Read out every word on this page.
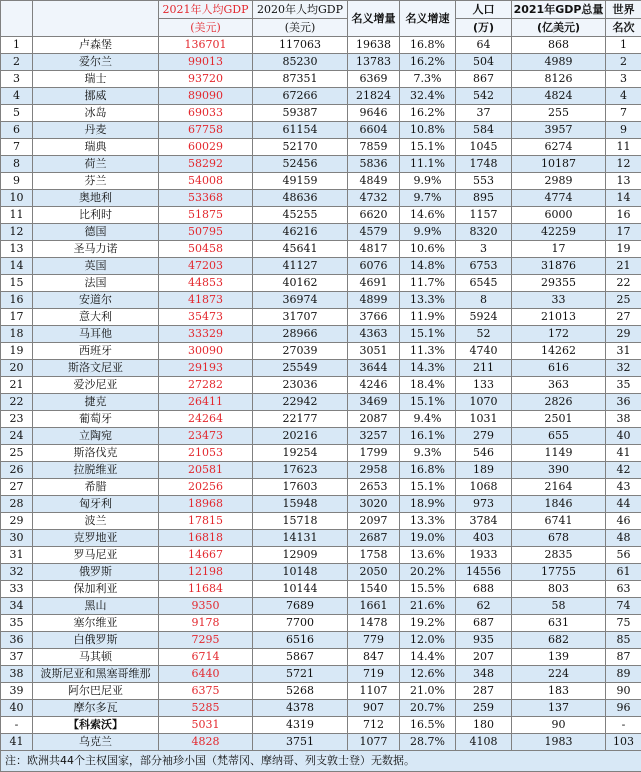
		2021年人均GDP	2020年人均GDP	名义增量	名义增速	人口	2021年GDP总量	世界
		(美元)	(美元)			(万)	(亿美元)	名次
1	卢森堡	136701	117063	19638	16.8%	64	868	1
2	爱尔兰	99013	85230	13783	16.2%	504	4989	2
3	瑞士	93720	87351	6369	7.3%	867	8126	3
4	挪威	89090	67266	21824	32.4%	542	4824	4
5	冰岛	69033	59387	9646	16.2%	37	255	7
6	丹麦	67758	61154	6604	10.8%	584	3957	9
7	瑞典	60029	52170	7859	15.1%	1045	6274	11
8	荷兰	58292	52456	5836	11.1%	1748	10187	12
9	芬兰	54008	49159	4849	9.9%	553	2989	13
10	奥地利	53368	48636	4732	9.7%	895	4774	14
11	比利时	51875	45255	6620	14.6%	1157	6000	16
12	德国	50795	46216	4579	9.9%	8320	42259	17
13	圣马力诺	50458	45641	4817	10.6%	3	17	19
14	英国	47203	41127	6076	14.8%	6753	31876	21
15	法国	44853	40162	4691	11.7%	6545	29355	22
16	安道尔	41873	36974	4899	13.3%	8	33	25
17	意大利	35473	31707	3766	11.9%	5924	21013	27
18	马耳他	33329	28966	4363	15.1%	52	172	29
19	西班牙	30090	27039	3051	11.3%	4740	14262	31
20	斯洛文尼亚	29193	25549	3644	14.3%	211	616	32
21	爱沙尼亚	27282	23036	4246	18.4%	133	363	35
22	捷克	26411	22942	3469	15.1%	1070	2826	36
23	葡萄牙	24264	22177	2087	9.4%	1031	2501	38
24	立陶宛	23473	20216	3257	16.1%	279	655	40
25	斯洛伐克	21053	19254	1799	9.3%	546	1149	41
26	拉脱维亚	20581	17623	2958	16.8%	189	390	42
27	希腊	20256	17603	2653	15.1%	1068	2164	43
28	匈牙利	18968	15948	3020	18.9%	973	1846	44
29	波兰	17815	15718	2097	13.3%	3784	6741	46
30	克罗地亚	16818	14131	2687	19.0%	403	678	48
31	罗马尼亚	14667	12909	1758	13.6%	1933	2835	56
32	俄罗斯	12198	10148	2050	20.2%	14556	17755	61
33	保加利亚	11684	10144	1540	15.5%	688	803	63
34	黑山	9350	7689	1661	21.6%	62	58	74
35	塞尔维亚	9178	7700	1478	19.2%	687	631	75
36	白俄罗斯	7295	6516	779	12.0%	935	682	85
37	马其顿	6714	5867	847	14.4%	207	139	87
38	波斯尼亚和黑塞哥维那	6440	5721	719	12.6%	348	224	89
39	阿尔巴尼亚	6375	5268	1107	21.0%	287	183	90
40	摩尔多瓦	5285	4378	907	20.7%	259	137	96
-	【科索沃】	5031	4319	712	16.5%	180	90	-
41	乌克兰	4828	3751	1077	28.7%	4108	1983	103
注：欧洲共44个主权国家，部分袖珍小国（梵蒂冈、摩纳哥、列支敦士登）无数据。								
